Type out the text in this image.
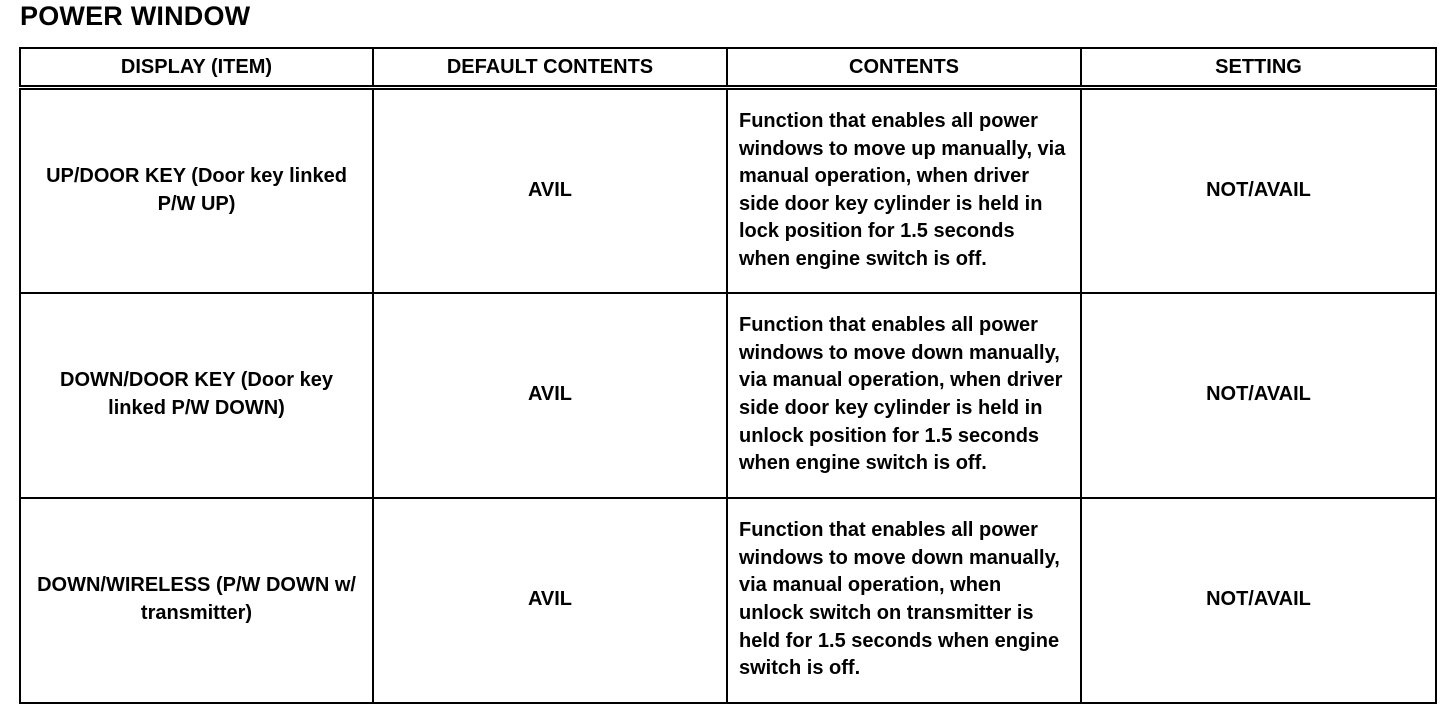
POWER WINDOW
DISPLAY (ITEM)	DEFAULT CONTENTS	CONTENTS	SETTING
UP/DOOR KEY (Door key linked P/W UP)	AVIL	Function that enables all power windows to move up manually, via manual operation, when driver side door key cylinder is held in lock position for 1.5 seconds when engine switch is off.	NOT/AVAIL
DOWN/DOOR KEY (Door key linked P/W DOWN)	AVIL	Function that enables all power windows to move down manually, via manual operation, when driver side door key cylinder is held in unlock position for 1.5 seconds when engine switch is off.	NOT/AVAIL
DOWN/WIRELESS (P/W DOWN w/ transmitter)	AVIL	Function that enables all power windows to move down manually, via manual operation, when unlock switch on transmitter is held for 1.5 seconds when engine switch is off.	NOT/AVAIL
